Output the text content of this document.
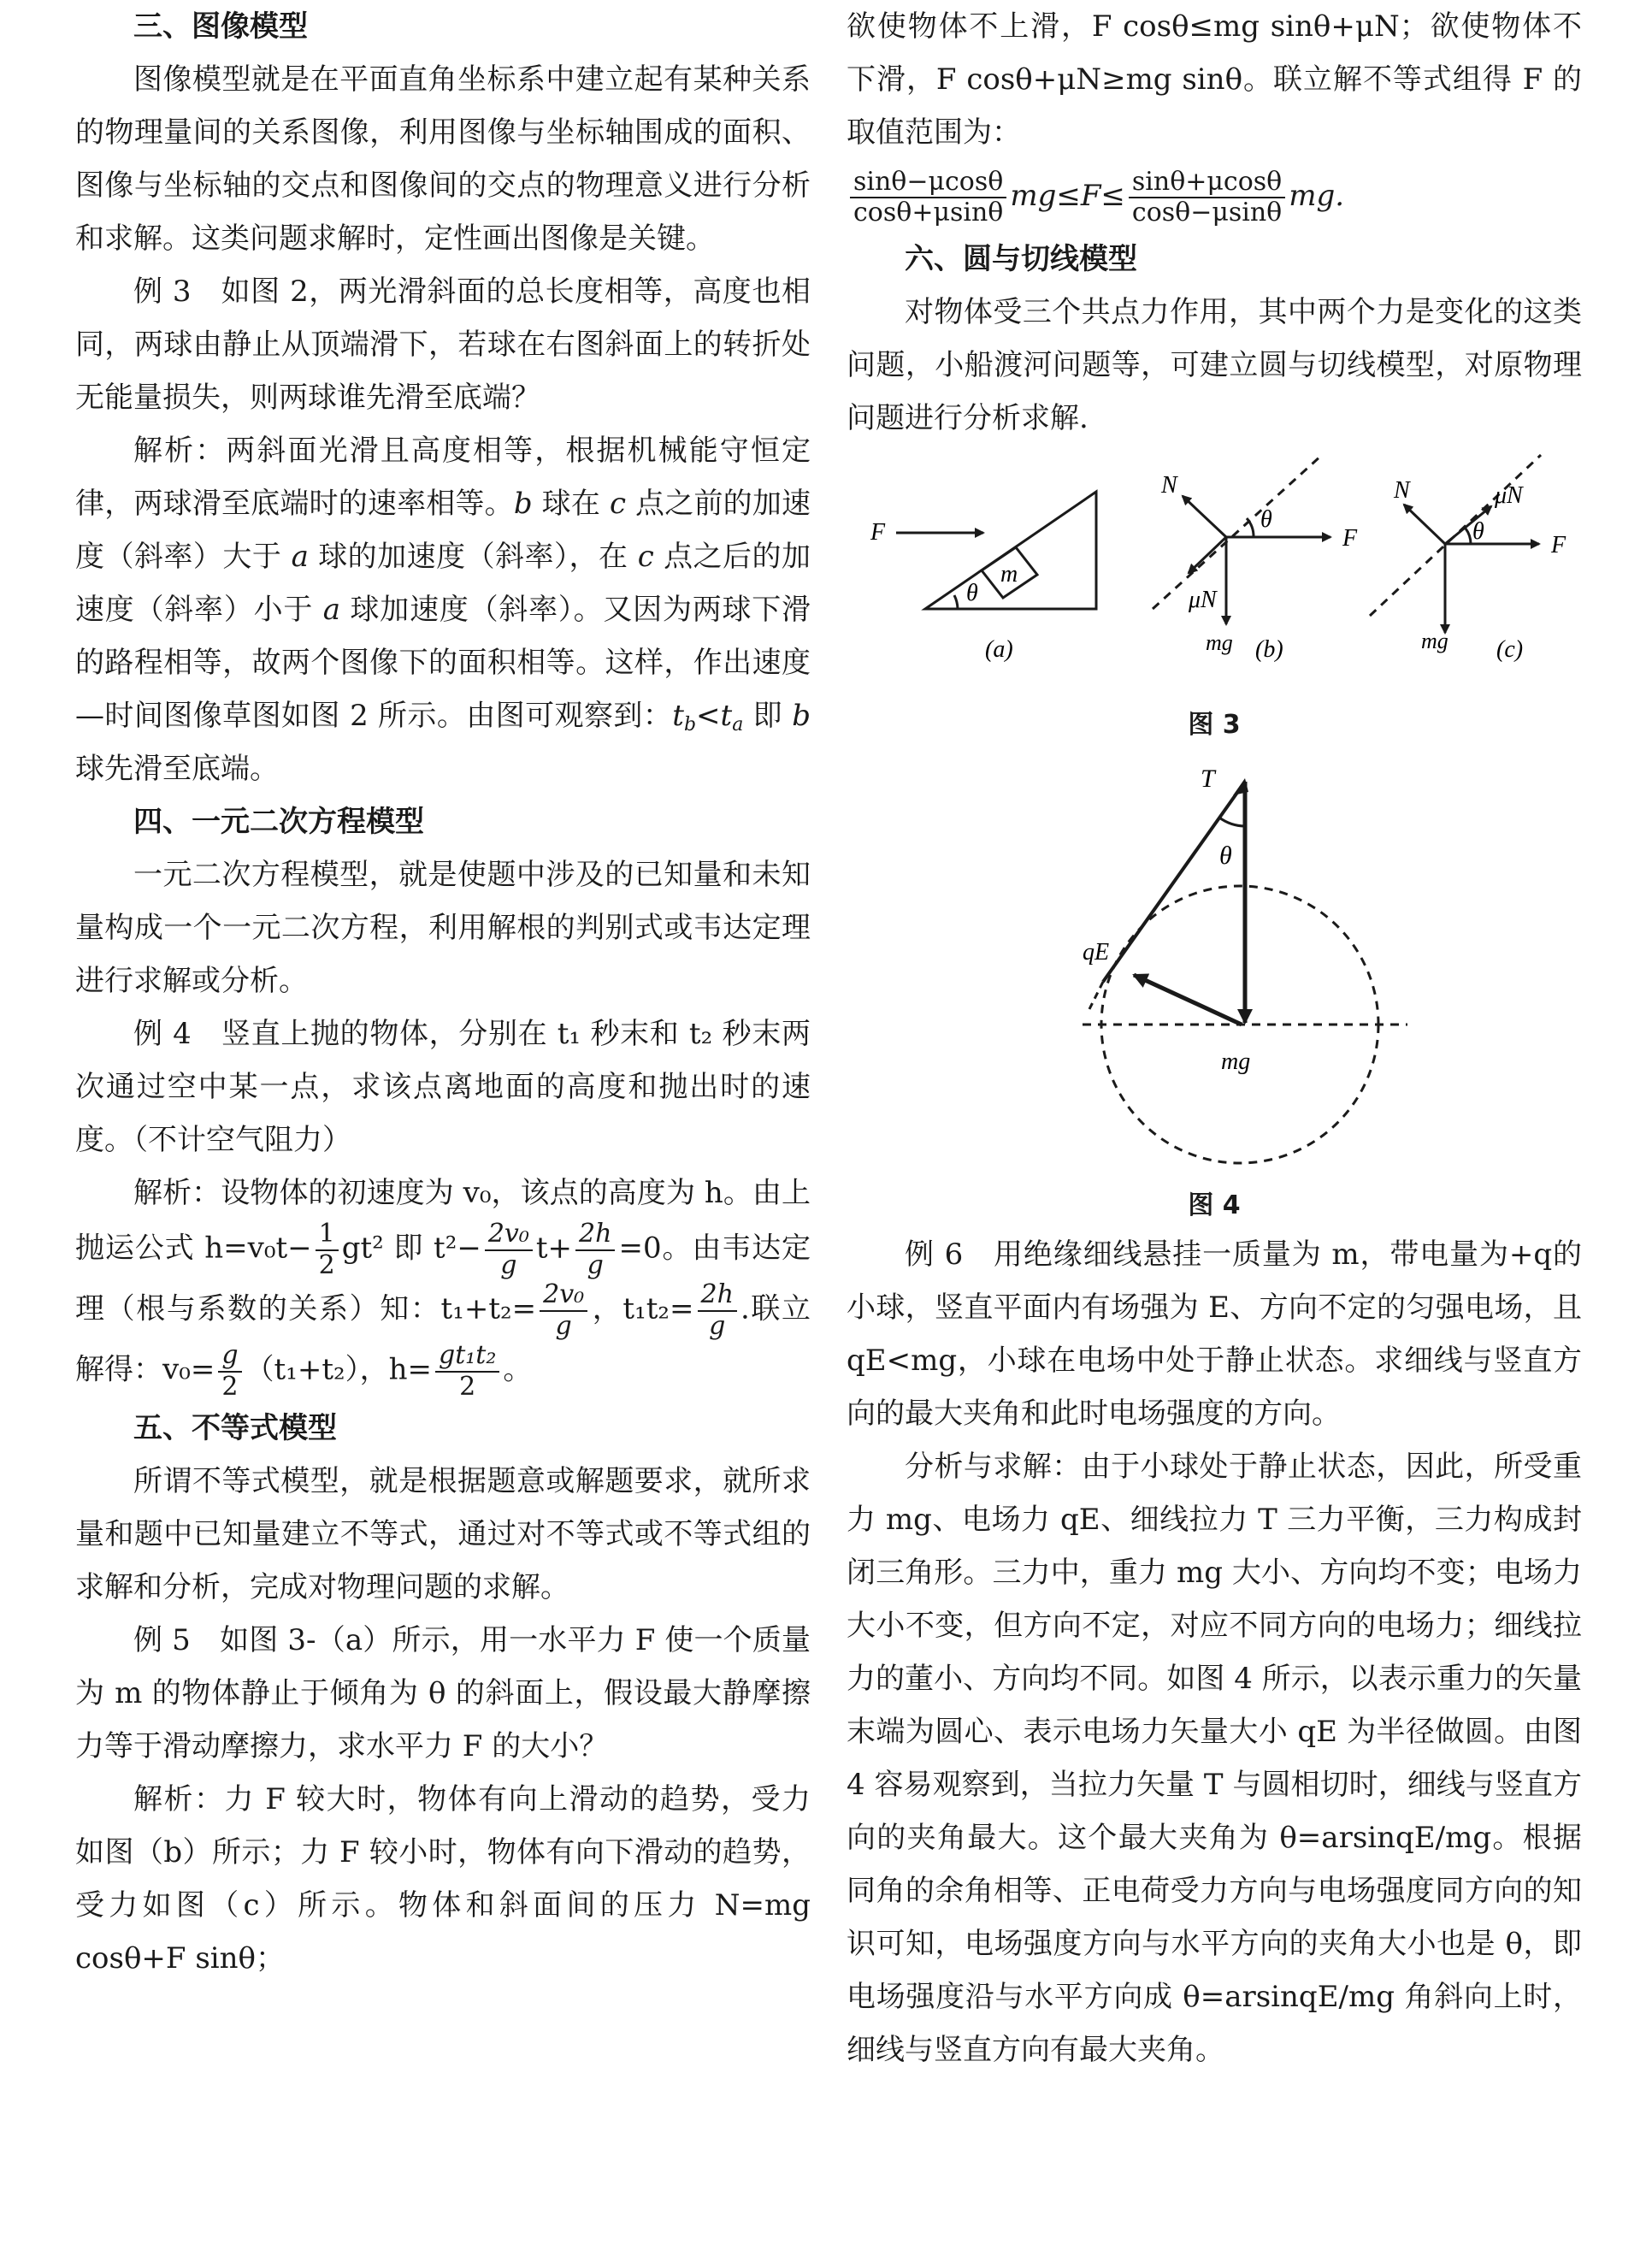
三、图像模型

图像模型就是在平面直角坐标系中建立起有某种关系的物理量间的关系图像，利用图像与坐标轴围成的面积、图像与坐标轴的交点和图像间的交点的物理意义进行分析和求解。这类问题求解时，定性画出图像是关键。

例 3　如图 2，两光滑斜面的总长度相等，高度也相同，两球由静止从顶端滑下，若球在右图斜面上的转折处无能量损失，则两球谁先滑至底端？

解析：两斜面光滑且高度相等，根据机械能守恒定律，两球滑至底端时的速率相等。b 球在 c 点之前的加速度（斜率）大于 a 球的加速度（斜率），在 c 点之后的加速度（斜率）小于 a 球加速度（斜率）。又因为两球下滑的路程相等，故两个图像下的面积相等。这样，作出速度—时间图像草图如图 2 所示。由图可观察到：$t_b<t_a$ 即 b 球先滑至底端。

四、一元二次方程模型

一元二次方程模型，就是使题中涉及的已知量和未知量构成一个一元二次方程，利用解根的判别式或韦达定理进行求解或分析。

例 4　竖直上抛的物体，分别在 t₁ 秒末和 t₂ 秒末两次通过空中某一点，求该点离地面的高度和抛出时的速度。（不计空气阻力）

解析：设物体的初速度为 v₀，该点的高度为 h。由上抛运公式 $h=v_0t- \frac{1}{2} gt^2$ 即 $t^2- \frac{\text{2v₀}}{g} t+ \frac{2h}{g} =0$。由韦达定理（根与系数的关系）知：$t_1+t_2= \frac{\text{2v₀}}{g}$ ，$t_1t_2= \frac{2h}{g}$ .联立解得：$v_0= \frac{g}{2} (t_1+t_2)$，$h= \frac{\text{gt₁t₂}}{2}$ 。

五、不等式模型

所谓不等式模型，就是根据题意或解题要求，就所求量和题中已知量建立不等式，通过对不等式或不等式组的求解和分析，完成对物理问题的求解。

例 5　如图 3-（a）所示，用一水平力 F 使一个质量为 m 的物体静止于倾角为 θ 的斜面上，假设最大静摩擦力等于滑动摩擦力，求水平力 F 的大小？

解析：力 F 较大时，物体有向上滑动的趋势，受力如图（b）所示；力 F 较小时，物体有向下滑动的趋势，受力如图（c）所示。物体和斜面间的压力 N=mg cosθ+F sinθ；

欲使物体不上滑，F cosθ≤mg sinθ+μN；欲使物体不下滑，F cosθ+μN≥mg sinθ。联立解不等式组得 F 的取值范围为：

$\frac{\sin\theta-\mu\cos\theta}{\cos\theta+\mu\sin\theta} mg\le F\le \frac{\sin\theta+\mu\cos\theta}{\cos\theta-\mu\sin\theta}$ mg.

六、圆与切线模型

对物体受三个共点力作用，其中两个力是变化的这类问题，小船渡河问题等，可建立圆与切线模型，对原物理问题进行分析求解.

F
m
θ
(a)
N
θ
F
μN
mg (b)
N	μN
θ
F
mg (c)
图 3
T
θ
qE
mg
图 4

例 6　用绝缘细线悬挂一质量为 m，带电量为+q的小球，竖直平面内有场强为 E、方向不定的匀强电场，且 qE<mg，小球在电场中处于静止状态。求细线与竖直方向的最大夹角和此时电场强度的方向。

分析与求解：由于小球处于静止状态，因此，所受重力 mg、电场力 qE、细线拉力 T 三力平衡，三力构成封闭三角形。三力中，重力 mg 大小、方向均不变；电场力大小不变，但方向不定，对应不同方向的电场力；细线拉力的董小、方向均不同。如图 4 所示，以表示重力的矢量末端为圆心、表示电场力矢量大小 qE 为半径做圆。由图 4 容易观察到，当拉力矢量 T 与圆相切时，细线与竖直方向的夹角最大。这个最大夹角为 θ=arsinqE/mg。根据同角的余角相等、正电荷受力方向与电场强度同方向的知识可知，电场强度方向与水平方向的夹角大小也是 θ，即电场强度沿与水平方向成 θ=arsinqE/mg 角斜向上时，细线与竖直方向有最大夹角。
